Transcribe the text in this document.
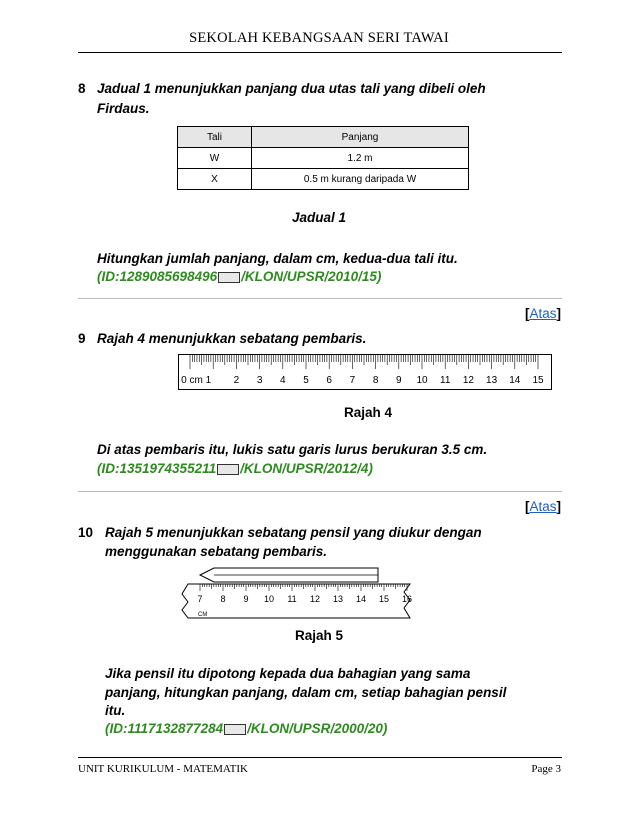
SEKOLAH KEBANGSAAN SERI TAWAI
8 Jadual 1 menunjukkan panjang dua utas tali yang dibeli oleh
Firdaus.
Tali	Panjang
W	1.2 m
X	0.5 m kurang daripada W
Jadual 1
Hitungkan jumlah panjang, dalam cm, kedua-dua tali itu.
(ID:1289085698496 /KLON/UPSR/2010/15)
[Atas]
9 Rajah 4 menunjukkan sebatang pembaris.
0 cm 1 2 3 4 5 6 7 8 9 10 11 12 13 14 15
Rajah 4
Di atas pembaris itu, lukis satu garis lurus berukuran 3.5 cm.
(ID:1351974355211 /KLON/UPSR/2012/4)
[Atas]
10 Rajah 5 menunjukkan sebatang pensil yang diukur dengan
menggunakan sebatang pembaris.
7 8 9 10 11 12 13 14 15 16
CM
Rajah 5
Jika pensil itu dipotong kepada dua bahagian yang sama
panjang, hitungkan panjang, dalam cm, setiap bahagian pensil
itu.
(ID:1117132877284 /KLON/UPSR/2000/20)
UNIT KURIKULUM - MATEMATIK	Page 3
